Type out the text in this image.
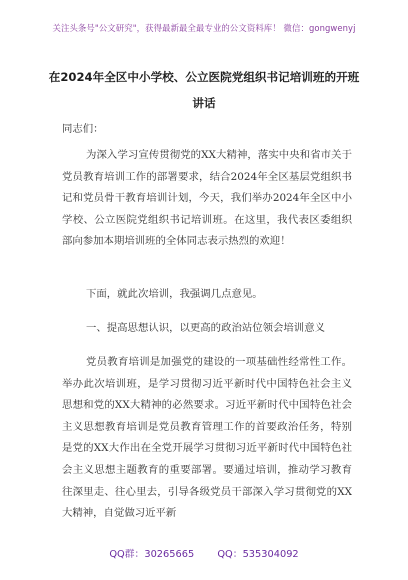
关注头条号"公文研究"，获得最新最全最专业的公文资料库！ 微信：gongwenyj
在2024年全区中小学校、公立医院党组织书记培训班的开班讲话
同志们：
为深入学习宣传贯彻党的XX大精神，落实中央和省市关于党员教育培训工作的部署要求，结合2024年全区基层党组织书记和党员骨干教育培训计划，今天，我们举办2024年全区中小学校、公立医院党组织书记培训班。在这里，我代表区委组织部向参加本期培训班的全体同志表示热烈的欢迎！
下面，就此次培训，我强调几点意见。
一、提高思想认识，以更高的政治站位领会培训意义
党员教育培训是加强党的建设的一项基础性经常性工作。举办此次培训班，是学习贯彻习近平新时代中国特色社会主义思想和党的XX大精神的必然要求。习近平新时代中国特色社会主义思想教育培训是党员教育管理工作的首要政治任务，特别是党的XX大作出在全党开展学习贯彻习近平新时代中国特色社会主义思想主题教育的重要部署。要通过培训，推动学习教育往深里走、往心里去，引导各级党员干部深入学习贯彻党的XX大精神，自觉做习近平新
QQ群：30265665 QQ：535304092
